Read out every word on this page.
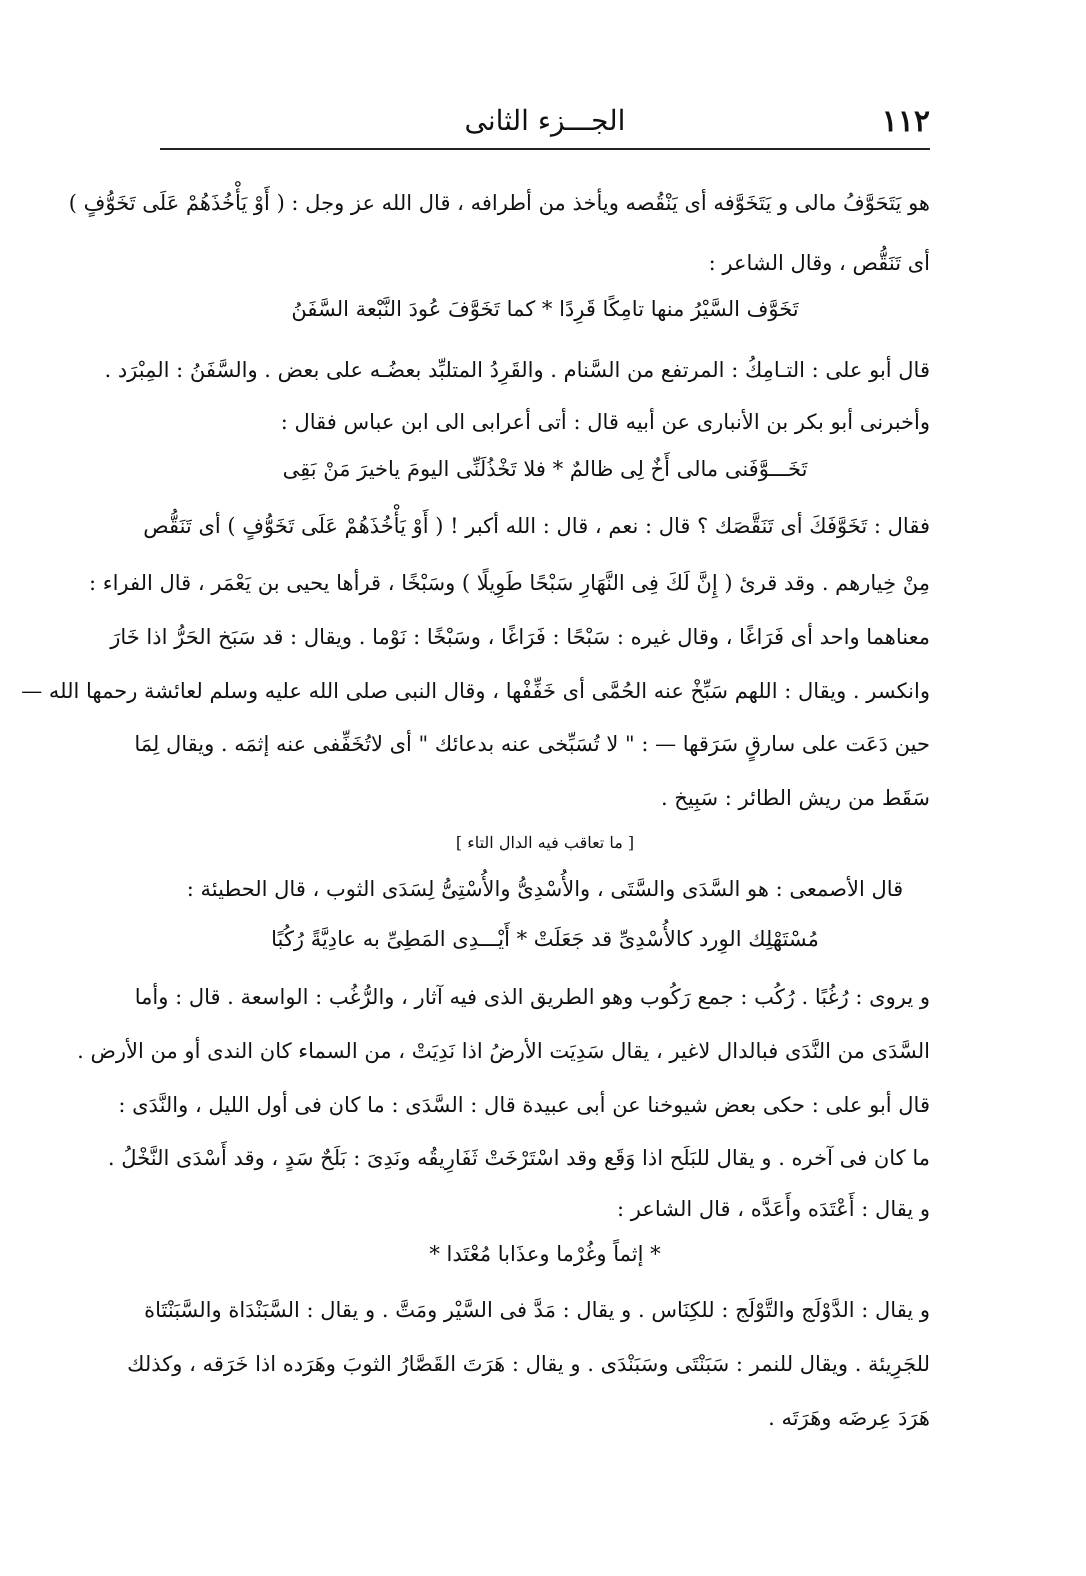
١١٢
الجـــزء الثانى
هو يَتَحَوَّفُ مالى و يَتَخَوَّفه أى يَنْقُصه ويأخذ من أطرافه ، قال الله عز وجل : ( أَوْ يَأْخُذَهُمْ عَلَى تَخَوُّفٍ )
أى تَنَقُّص ، وقال الشاعر :
تَخَوَّف السَّيْرُ منها تامِكًا قَرِدًا * كما تَخَوَّفَ عُودَ النَّبْعة السَّفَنُ
قال أبو على : التـامِكُ : المرتفع من السَّنام . والقَرِدُ المتلبِّد بعضُـه على بعض . والسَّفَنُ : المِبْرَد .
وأخبرنى أبو بكر بن الأنبارى عن أبيه قال : أتى أعرابى الى ابن عباس فقال :
تَخَـــوَّفَنى مالى أَخٌ لِى ظالمٌ * فلا تَخْذُلَنِّى اليومَ ياخيرَ مَنْ بَقِى
فقال : تَخَوَّفَكَ أى تَنَقَّصَك ؟ قال : نعم ، قال : الله أكبر ! ( أَوْ يَأْخُذَهُمْ عَلَى تَخَوُّفٍ ) أى تَنَقُّص
مِنْ خِيارهم . وقد قرئ ( إِنَّ لَكَ فِى النَّهَارِ سَبْحًا طَوِيلًا ) وسَبْخًا ، قرأها يحيى بن يَعْمَر ، قال الفراء :
معناهما واحد أى فَرَاغًا ، وقال غيره : سَبْحًا : فَرَاغًا ، وسَبْخًا : نَوْما . ويقال : قد سَبَخ الحَرُّ اذا خَارَ
وانكسر . ويقال : اللهم سَبِّخْ عنه الحُمَّى أى خَفِّفْها ، وقال النبى صلى الله عليه وسلم لعائشة رحمها الله —
حين دَعَت على سارقٍ سَرَقها — : " لا تُسَبِّخى عنه بدعائك " أى لاتُخَفِّفى عنه إثمَه . ويقال لِمَا
سَقَط من ريش الطائر : سَبِيخ .
[ ما تعاقب فيه الدال التاء ]
قال الأصمعى : هو السَّدَى والسَّتَى ، والأُسْدِىُّ والأُسْتِىُّ لِسَدَى الثوب ، قال الحطيئة :
مُسْتَهْلِك الوِرد كالأُسْدِىِّ قد جَعَلَتْ * أَيْـــدِى المَطِىِّ به عادِيَّةً رُكُبًا
و يروى : رُغُبًا . رُكُب : جمع رَكُوب وهو الطريق الذى فيه آثار ، والرُّغُب : الواسعة . قال : وأما
السَّدَى من النَّدَى فبالدال لاغير ، يقال سَدِيَت الأرضُ اذا نَدِيَتْ ، من السماء كان الندى أو من الأرض .
قال أبو على : حكى بعض شيوخنا عن أبى عبيدة قال : السَّدَى : ما كان فى أول الليل ، والنَّدَى :
ما كان فى آخره . و يقال للبَلَح اذا وَقَع وقد اسْتَرْخَتْ ثَفَارِيقُه ونَدِىَ : بَلَحٌ سَدٍ ، وقد أَسْدَى النَّخْلُ .
و يقال : أَعْتَدَه وأَعَدَّه ، قال الشاعر :
* إثماً وغُرْما وعذَابا مُعْتَدا *
و يقال : الدَّوْلَج والتَّوْلَج : للكِنَاس . و يقال : مَدَّ فى السَّيْر ومَتَّ . و يقال : السَّبَنْدَاة والسَّبَنْتَاة
للجَرِيئة . ويقال للنمر : سَبَنْتَى وسَبَنْدَى . و يقال : هَرَتَ القَصَّارُ الثوبَ وهَرَده اذا خَرَقه ، وكذلك
هَرَدَ عِرضَه وهَرَتَه .
